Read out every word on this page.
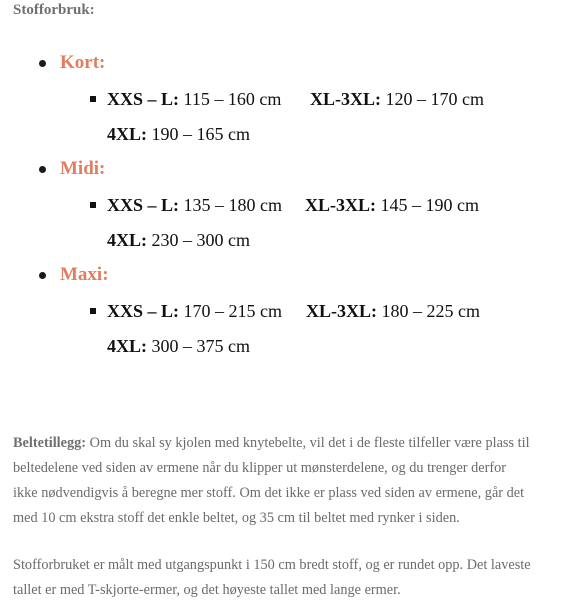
Stofforbruk:
Kort:
XXS – L: 115 – 160 cm XL-3XL: 120 – 170 cm
4XL: 190 – 165 cm
Midi:
XXS – L: 135 – 180 cm XL-3XL: 145 – 190 cm
4XL: 230 – 300 cm
Maxi:
XXS – L: 170 – 215 cm XL-3XL: 180 – 225 cm
4XL: 300 – 375 cm

Beltetillegg: Om du skal sy kjolen med knytebelte, vil det i de fleste tilfeller være plass til
beltedelene ved siden av ermene når du klipper ut mønsterdelene, og du trenger derfor
ikke nødvendigvis å beregne mer stoff. Om det ikke er plass ved siden av ermene, går det
med 10 cm ekstra stoff det enkle beltet, og 35 cm til beltet med rynker i siden.

Stofforbruket er målt med utgangspunkt i 150 cm bredt stoff, og er rundet opp. Det laveste
tallet er med T-skjorte-ermer, og det høyeste tallet med lange ermer.
